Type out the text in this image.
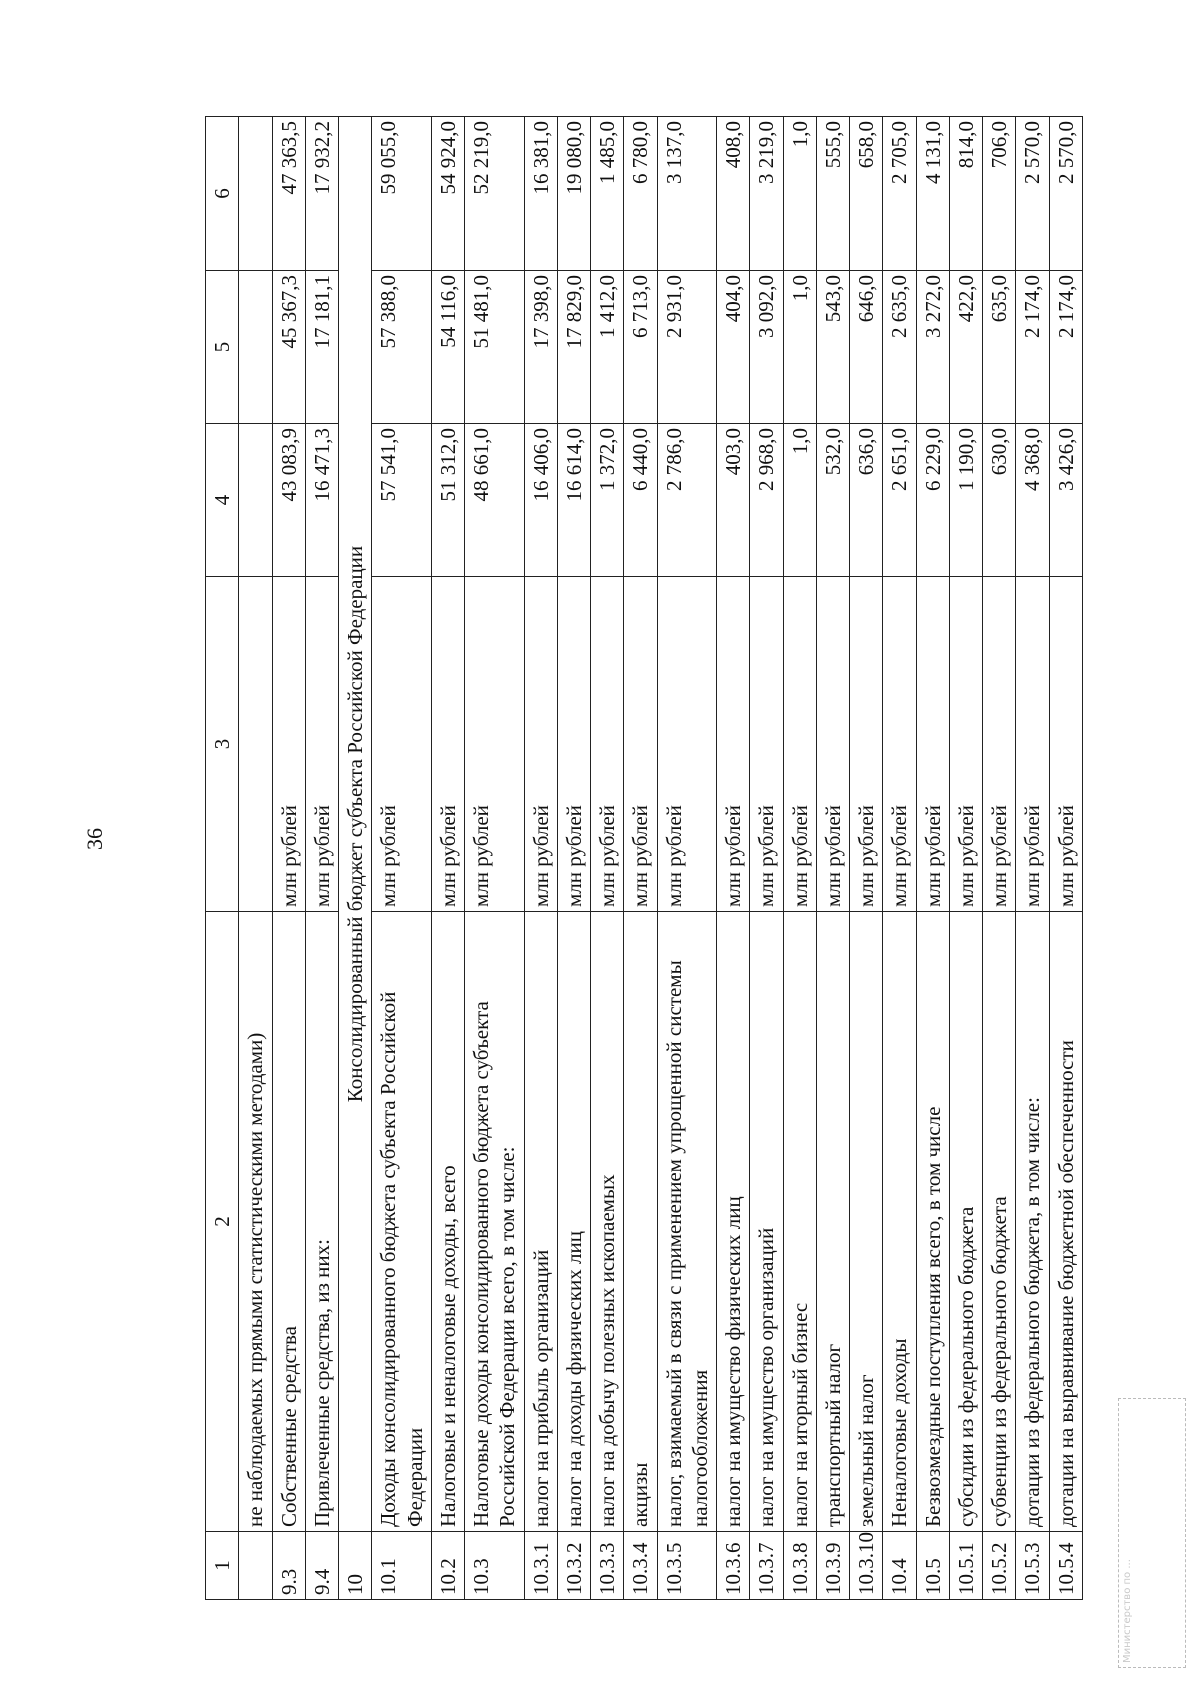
36
1	2	3	4	5	6
	не наблюдаемых прямыми статистическими методами)				
9.3	Собственные средства	млн рублей	43 083,9	45 367,3	47 363,5
9.4	Привлеченные средства, из них:	млн рублей	16 471,3	17 181,1	17 932,2
10	Консолидированный бюджет субъекта Российской Федерации				
10.1	Доходы консолидированного бюджета субъекта Российской Федерации	млн рублей	57 541,0	57 388,0	59 055,0
10.2	Налоговые и неналоговые доходы, всего	млн рублей	51 312,0	54 116,0	54 924,0
10.3	Налоговые доходы консолидированного бюджета субъекта Российской Федерации всего, в том числе:	млн рублей	48 661,0	51 481,0	52 219,0
10.3.1	налог на прибыль организаций	млн рублей	16 406,0	17 398,0	16 381,0
10.3.2	налог на доходы физических лиц	млн рублей	16 614,0	17 829,0	19 080,0
10.3.3	налог на добычу полезных ископаемых	млн рублей	1 372,0	1 412,0	1 485,0
10.3.4	акцизы	млн рублей	6 440,0	6 713,0	6 780,0
10.3.5	налог, взимаемый в связи с применением упрощенной системы налогообложения	млн рублей	2 786,0	2 931,0	3 137,0
10.3.6	налог на имущество физических лиц	млн рублей	403,0	404,0	408,0
10.3.7	налог на имущество организаций	млн рублей	2 968,0	3 092,0	3 219,0
10.3.8	налог на игорный бизнес	млн рублей	1,0	1,0	1,0
10.3.9	транспортный налог	млн рублей	532,0	543,0	555,0
10.3.10	земельный налог	млн рублей	636,0	646,0	658,0
10.4	Неналоговые доходы	млн рублей	2 651,0	2 635,0	2 705,0
10.5	Безвозмездные поступления всего, в том числе	млн рублей	6 229,0	3 272,0	4 131,0
10.5.1	субсидии из федерального бюджета	млн рублей	1 190,0	422,0	814,0
10.5.2	субвенции из федерального бюджета	млн рублей	630,0	635,0	706,0
10.5.3	дотации из федерального бюджета, в том числе:	млн рублей	4 368,0	2 174,0	2 570,0
10.5.4	дотации на выравнивание бюджетной обеспеченности	млн рублей	3 426,0	2 174,0	2 570,0
Министерство по ...
